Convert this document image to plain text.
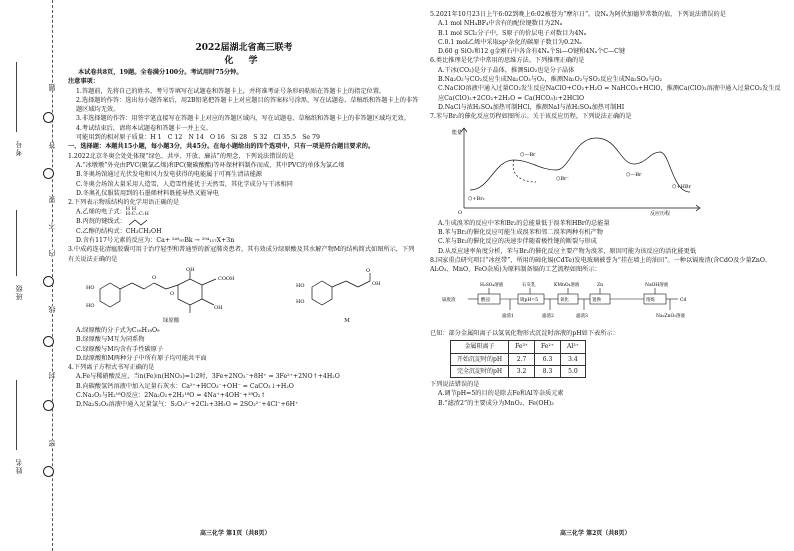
姓名
班级
考号
密
封
线
内
不
要
答
题
2022届湖北省高三联考
化 学

本试卷共8页，19题。全卷满分100分。考试用时75分钟。

注意事项：

1.答题前，先将自己的姓名、考号等填写在试题卷和答题卡上，并将准考证号条形码粘贴在答题卡上的指定位置。

2.选择题的作答：选出每小题答案后，用2B铅笔把答题卡上对应题目的答案标号涂黑，写在试题卷、草稿纸和答题卡上的非答题区域均无效。

3.非选择题的作答：用签字笔直接写在答题卡上对应的答题区域内，写在试题卷、草稿纸和答题卡上的非答题区域均无效。

4.考试结束后，请将本试题卷和答题卡一并上交。

可能用到的相对原子质量：H 1　C 12　N 14　O 16　Si 28　S 32　Cl 35.5　Se 79

一、选择题：本题共15小题，每小题3分，共45分。在每小题给出的四个选项中，只有一项是符合题目要求的。

1.2022北京冬奥会处处体现“绿色、共享、开放、廉洁”的理念，下列说法错误的是

A.“冰墩墩”外壳由PVC(聚氯乙烯)和PC(聚碳酸酯)等环保材料制作而成，其中PVC的单体为氯乙烯

B.冬奥场馆通过光伏发电和风力发电获得的电能属于可再生清洁能源

C.冬奥会场馆大量采用人造雪，人造雪性能优于天然雪，其化学成分与干冰相同

D.冬奥礼仪服装用到的石墨烯材料既能导热又能导电

2.下列表示物质结构的化学用语正确的是

A.乙烯的电子式：H H
H:C::C:H

B.丙烷的键线式：

C.乙醇的结构式：CH₃CH₂OH

D.含有117号元素的反应为：Ca+ ²⁴⁹₉₇Bk → ²⁹⁴₁₁₇X+3n

3.中成药连花清瘟胶囊可用于治疗轻型和普通型的新冠肺炎患者，其有效成分绿原酸及其水解产物M的结构简式如图所示，下列有关说法正确的是

HO
HO
O
O
COOH
OH
OH
绿原酸
HO
HO
O
OH
M

A.绿原酸的分子式为C₁₆H₁₈O₉

B.绿原酸与M互为同系物

C.绿原酸与M均含有手性碳原子

D.绿原酸和M两种分子中所有原子均可能共平面

4.下列离子方程式书写正确的是

A.Fe与稀硝酸反应，当n(Fe)∶n(HNO₃)=1∶2时，3Fe+2NO₃⁻+8H⁺ = 3Fe²⁺+2NO↑+4H₂O

B.向碳酸氢钙溶液中加入足量石灰水：Ca²⁺+HCO₃⁻+OH⁻ = CaCO₃↓+H₂O

C.Na₂O₂与H₂¹⁸O反应：2Na₂O₂+2H₂¹⁸O = 4Na⁺+4OH⁻+¹⁸O₂↑

D.Na₂S₂O₃溶液中通入足量氯气：S₂O₃²⁻+2Cl₂+3H₂O = 2SO₃²⁻+4Cl⁻+6H⁺

5.2021年10月23日上午6:02到晚上6:02被誉为“摩尔日”。设Nₐ为阿伏加德罗常数的值，下列说法错误的是

A.1 mol NH₄BF₄中含有的配位键数目为2Nₐ

B.1 mol SCl₂分子中，S原子的价层电子对数目为4Nₐ

C.0.1 mol乙烯中采取sp²杂化的碳原子数目为0.2Nₐ

D.60 g SiO₂和12 g金刚石中各含有4Nₐ个Si—O键和4Nₐ个C—C键

6.类比推理是化学中常用的思维方法。下列推理正确的是

A.干冰(CO₂)是分子晶体，推测SiO₂也是分子晶体

B.Na₂O₂与CO₂反应生成Na₂CO₃与O₂，推测Na₂O₂与SO₂反应生成Na₂SO₃与O₂

C.NaClO溶液中通入过量CO₂发生反应NaClO+CO₂+H₂O = NaHCO₃+HClO，推测Ca(ClO)₂溶液中通入过量CO₂发生反应Ca(ClO)₂+2CO₂+2H₂O = Ca(HCO₃)₂+2HClO

D.NaCl与浓H₂SO₄加热可制HCl，推测NaI与浓H₂SO₄加热可制HI

7.苯与Br₂的催化反应历程如图所示。关于该反应历程，下列说法正确的是

能量
反应历程
O
⬡+Br₂
⬡—Br
⬡Br⁻
⬡—Br
⬡+HBr

A.生成溴苯的反应中苯和Br₂的总能量低于溴苯和HBr的总能量

B.苯与Br₂的催化反应可能生成溴苯和邻二溴苯两种有机产物

C.苯与Br₂的催化反应的决速步伴随着极性键的断裂与形成

D.从反应速率角度分析，苯与Br₂的催化反应主要产物为溴苯，原因可能为该反应的活化能更低

8.国家重点研究项目“冰丝带”，所用的碲化镉(CdTe)发电玻璃被誉为“挂在墙上的油田”。一种以镉废渣(含CdO及少量ZnO、Al₂O₃、MnO、FeO杂质)为原料制备镉的工艺流程如图所示：

H₂SO₄溶液	石灰乳	KMnO₄溶液	Zn	NaOH溶液
镉废渣	酸浸	调pH=5	氧化	置换	熔炼	Cd
滤渣1	滤渣2	滤渣3	Na₂ZnO₂溶液

已知：部分金属阳离子以氢氧化物形式沉淀时溶液的pH如下表所示：

金属阳离子	Fe³⁺	Fe²⁺	Al³⁺
开始沉淀时的pH	2.7	6.3	3.4
完全沉淀时的pH	3.2	8.3	5.0

下列说法错误的是

A.调节pH=5的目的是除去Fe和Al等杂质元素

B.“滤渣2”的主要成分为MnO₂、Fe(OH)₃

高三化学 第1页（共8页）	高三化学 第2页（共8页）
